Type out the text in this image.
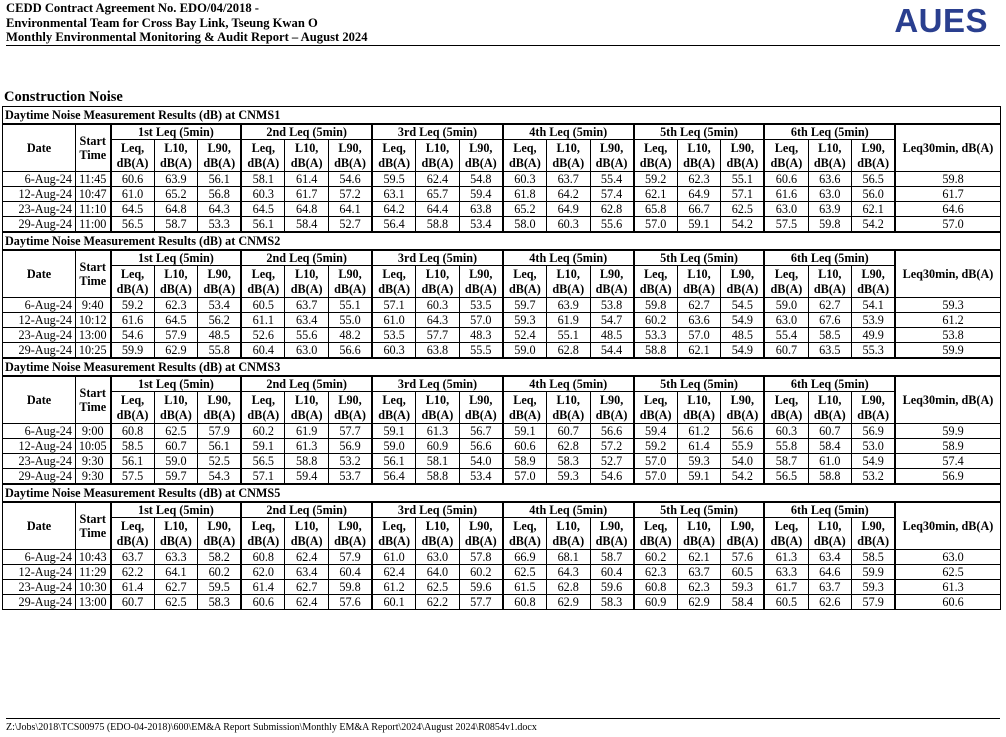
CEDD Contract Agreement No. EDO/04/2018 -
Environmental Team for Cross Bay Link, Tseung Kwan O
Monthly Environmental Monitoring & Audit Report – August 2024	AUES
Construction Noise
Daytime Noise Measurement Results (dB) at CNMS1																				
Date	Start Time	1st Leq (5min)			2nd Leq (5min)			3rd Leq (5min)			4th Leq (5min)			5th Leq (5min)			6th Leq (5min)			Leq30min, dB(A)
		Leq, dB(A)	L10, dB(A)	L90, dB(A)	Leq, dB(A)	L10, dB(A)	L90, dB(A)	Leq, dB(A)	L10, dB(A)	L90, dB(A)	Leq, dB(A)	L10, dB(A)	L90, dB(A)	Leq, dB(A)	L10, dB(A)	L90, dB(A)	Leq, dB(A)	L10, dB(A)	L90, dB(A)	
6-Aug-24	11:45	60.6	63.9	56.1	58.1	61.4	54.6	59.5	62.4	54.8	60.3	63.7	55.4	59.2	62.3	55.1	60.6	63.6	56.5	59.8
12-Aug-24	10:47	61.0	65.2	56.8	60.3	61.7	57.2	63.1	65.7	59.4	61.8	64.2	57.4	62.1	64.9	57.1	61.6	63.0	56.0	61.7
23-Aug-24	11:10	64.5	64.8	64.3	64.5	64.8	64.1	64.2	64.4	63.8	65.2	64.9	62.8	65.8	66.7	62.5	63.0	63.9	62.1	64.6
29-Aug-24	11:00	56.5	58.7	53.3	56.1	58.4	52.7	56.4	58.8	53.4	58.0	60.3	55.6	57.0	59.1	54.2	57.5	59.8	54.2	57.0
Daytime Noise Measurement Results (dB) at CNMS2																				
Date	Start Time	1st Leq (5min)			2nd Leq (5min)			3rd Leq (5min)			4th Leq (5min)			5th Leq (5min)			6th Leq (5min)			Leq30min, dB(A)
		Leq, dB(A)	L10, dB(A)	L90, dB(A)	Leq, dB(A)	L10, dB(A)	L90, dB(A)	Leq, dB(A)	L10, dB(A)	L90, dB(A)	Leq, dB(A)	L10, dB(A)	L90, dB(A)	Leq, dB(A)	L10, dB(A)	L90, dB(A)	Leq, dB(A)	L10, dB(A)	L90, dB(A)	
6-Aug-24	9:40	59.2	62.3	53.4	60.5	63.7	55.1	57.1	60.3	53.5	59.7	63.9	53.8	59.8	62.7	54.5	59.0	62.7	54.1	59.3
12-Aug-24	10:12	61.6	64.5	56.2	61.1	63.4	55.0	61.0	64.3	57.0	59.3	61.9	54.7	60.2	63.6	54.9	63.0	67.6	53.9	61.2
23-Aug-24	13:00	54.6	57.9	48.5	52.6	55.6	48.2	53.5	57.7	48.3	52.4	55.1	48.5	53.3	57.0	48.5	55.4	58.5	49.9	53.8
29-Aug-24	10:25	59.9	62.9	55.8	60.4	63.0	56.6	60.3	63.8	55.5	59.0	62.8	54.4	58.8	62.1	54.9	60.7	63.5	55.3	59.9
Daytime Noise Measurement Results (dB) at CNMS3																				
Date	Start Time	1st Leq (5min)			2nd Leq (5min)			3rd Leq (5min)			4th Leq (5min)			5th Leq (5min)			6th Leq (5min)			Leq30min, dB(A)
		Leq, dB(A)	L10, dB(A)	L90, dB(A)	Leq, dB(A)	L10, dB(A)	L90, dB(A)	Leq, dB(A)	L10, dB(A)	L90, dB(A)	Leq, dB(A)	L10, dB(A)	L90, dB(A)	Leq, dB(A)	L10, dB(A)	L90, dB(A)	Leq, dB(A)	L10, dB(A)	L90, dB(A)	
6-Aug-24	9:00	60.8	62.5	57.9	60.2	61.9	57.7	59.1	61.3	56.7	59.1	60.7	56.6	59.4	61.2	56.6	60.3	60.7	56.9	59.9
12-Aug-24	10:05	58.5	60.7	56.1	59.1	61.3	56.9	59.0	60.9	56.6	60.6	62.8	57.2	59.2	61.4	55.9	55.8	58.4	53.0	58.9
23-Aug-24	9:30	56.1	59.0	52.5	56.5	58.8	53.2	56.1	58.1	54.0	58.9	58.3	52.7	57.0	59.3	54.0	58.7	61.0	54.9	57.4
29-Aug-24	9:30	57.5	59.7	54.3	57.1	59.4	53.7	56.4	58.8	53.4	57.0	59.3	54.6	57.0	59.1	54.2	56.5	58.8	53.2	56.9
Daytime Noise Measurement Results (dB) at CNMS5																				
Date	Start Time	1st Leq (5min)			2nd Leq (5min)			3rd Leq (5min)			4th Leq (5min)			5th Leq (5min)			6th Leq (5min)			Leq30min, dB(A)
		Leq, dB(A)	L10, dB(A)	L90, dB(A)	Leq, dB(A)	L10, dB(A)	L90, dB(A)	Leq, dB(A)	L10, dB(A)	L90, dB(A)	Leq, dB(A)	L10, dB(A)	L90, dB(A)	Leq, dB(A)	L10, dB(A)	L90, dB(A)	Leq, dB(A)	L10, dB(A)	L90, dB(A)	
6-Aug-24	10:43	63.7	63.3	58.2	60.8	62.4	57.9	61.0	63.0	57.8	66.9	68.1	58.7	60.2	62.1	57.6	61.3	63.4	58.5	63.0
12-Aug-24	11:29	62.2	64.1	60.2	62.0	63.4	60.4	62.4	64.0	60.2	62.5	64.3	60.4	62.3	63.7	60.5	63.3	64.6	59.9	62.5
23-Aug-24	10:30	61.4	62.7	59.5	61.4	62.7	59.8	61.2	62.5	59.6	61.5	62.8	59.6	60.8	62.3	59.3	61.7	63.7	59.3	61.3
29-Aug-24	13:00	60.7	62.5	58.3	60.6	62.4	57.6	60.1	62.2	57.7	60.8	62.9	58.3	60.9	62.9	58.4	60.5	62.6	57.9	60.6
Z:\Jobs\2018\TCS00975 (EDO-04-2018)\600\EM&A Report Submission\Monthly EM&A Report\2024\August 2024\R0854v1.docx
